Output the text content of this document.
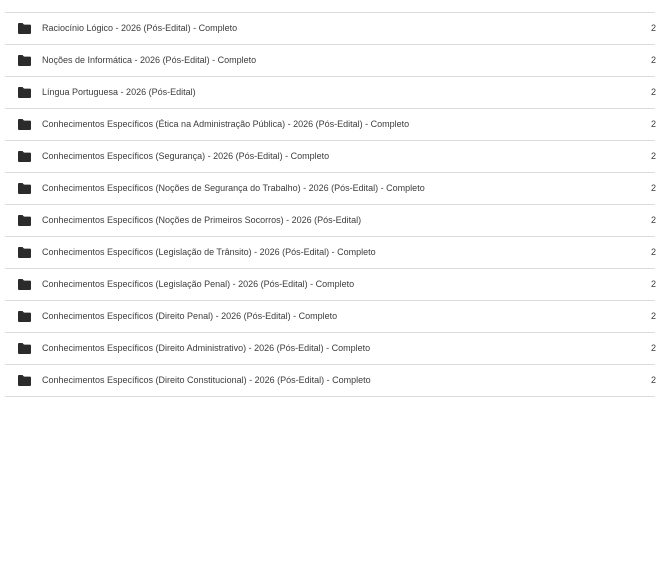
Raciocínio Lógico - 2026 (Pós-Edital) - Completo	2
Noções de Informática - 2026 (Pós-Edital) - Completo	2
Língua Portuguesa - 2026 (Pós-Edital)	2
Conhecimentos Específicos (Ética na Administração Pública) - 2026 (Pós-Edital) - Completo	2
Conhecimentos Específicos (Segurança) - 2026 (Pós-Edital) - Completo	2
Conhecimentos Específicos (Noções de Segurança do Trabalho) - 2026 (Pós-Edital) - Completo	2
Conhecimentos Específicos (Noções de Primeiros Socorros) - 2026 (Pós-Edital)	2
Conhecimentos Específicos (Legislação de Trânsito) - 2026 (Pós-Edital) - Completo	2
Conhecimentos Específicos (Legislação Penal) - 2026 (Pós-Edital) - Completo	2
Conhecimentos Específicos (Direito Penal) - 2026 (Pós-Edital) - Completo	2
Conhecimentos Específicos (Direito Administrativo) - 2026 (Pós-Edital) - Completo	2
Conhecimentos Específicos (Direito Constitucional) - 2026 (Pós-Edital) - Completo	2
